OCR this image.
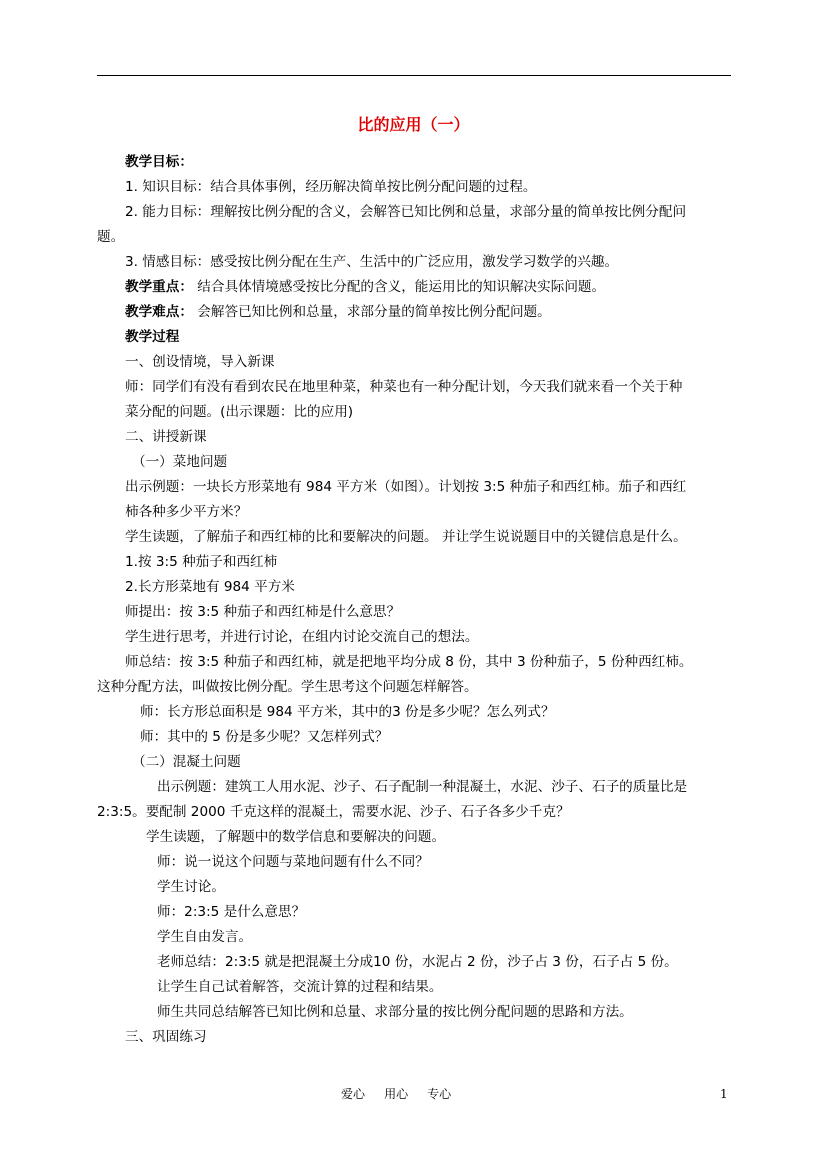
比的应用（一）
教学目标：
1. 知识目标：结合具体事例，经历解决简单按比例分配问题的过程。
2. 能力目标：理解按比例分配的含义，会解答已知比例和总量，求部分量的简单按比例分配问
题。
3. 情感目标：感受按比例分配在生产、生活中的广泛应用，激发学习数学的兴趣。
教学重点： 结合具体情境感受按比分配的含义，能运用比的知识解决实际问题。
教学难点： 会解答已知比例和总量，求部分量的简单按比例分配问题。
教学过程
一、创设情境，导入新课
师：同学们有没有看到农民在地里种菜，种菜也有一种分配计划，今天我们就来看一个关于种
菜分配的问题。(出示课题：比的应用)
二、讲授新课
（一）菜地问题
出示例题：一块长方形菜地有 984 平方米（如图）。计划按 3:5 种茄子和西红柿。茄子和西红
柿各种多少平方米？
学生读题，了解茄子和西红柿的比和要解决的问题。 并让学生说说题目中的关键信息是什么。
1.按 3:5 种茄子和西红柿
2.长方形菜地有 984 平方米
师提出：按 3:5 种茄子和西红柿是什么意思？
学生进行思考，并进行讨论，在组内讨论交流自己的想法。
师总结：按 3:5 种茄子和西红柿，就是把地平均分成 8 份，其中 3 份种茄子，5 份种西红柿。
这种分配方法，叫做按比例分配。学生思考这个问题怎样解答。
师：长方形总面积是 984 平方米，其中的3 份是多少呢？怎么列式？
师：其中的 5 份是多少呢？又怎样列式？
（二）混凝土问题
出示例题：建筑工人用水泥、沙子、石子配制一种混凝土，水泥、沙子、石子的质量比是
2:3:5。要配制 2000 千克这样的混凝土，需要水泥、沙子、石子各多少千克？
学生读题，了解题中的数学信息和要解决的问题。
师：说一说这个问题与菜地问题有什么不同？
学生讨论。
师：2:3:5 是什么意思？
学生自由发言。
老师总结：2:3:5 就是把混凝土分成10 份，水泥占 2 份，沙子占 3 份，石子占 5 份。
让学生自己试着解答，交流计算的过程和结果。
师生共同总结解答已知比例和总量、求部分量的按比例分配问题的思路和方法。
三、巩固练习
爱心     用心     专心	1
